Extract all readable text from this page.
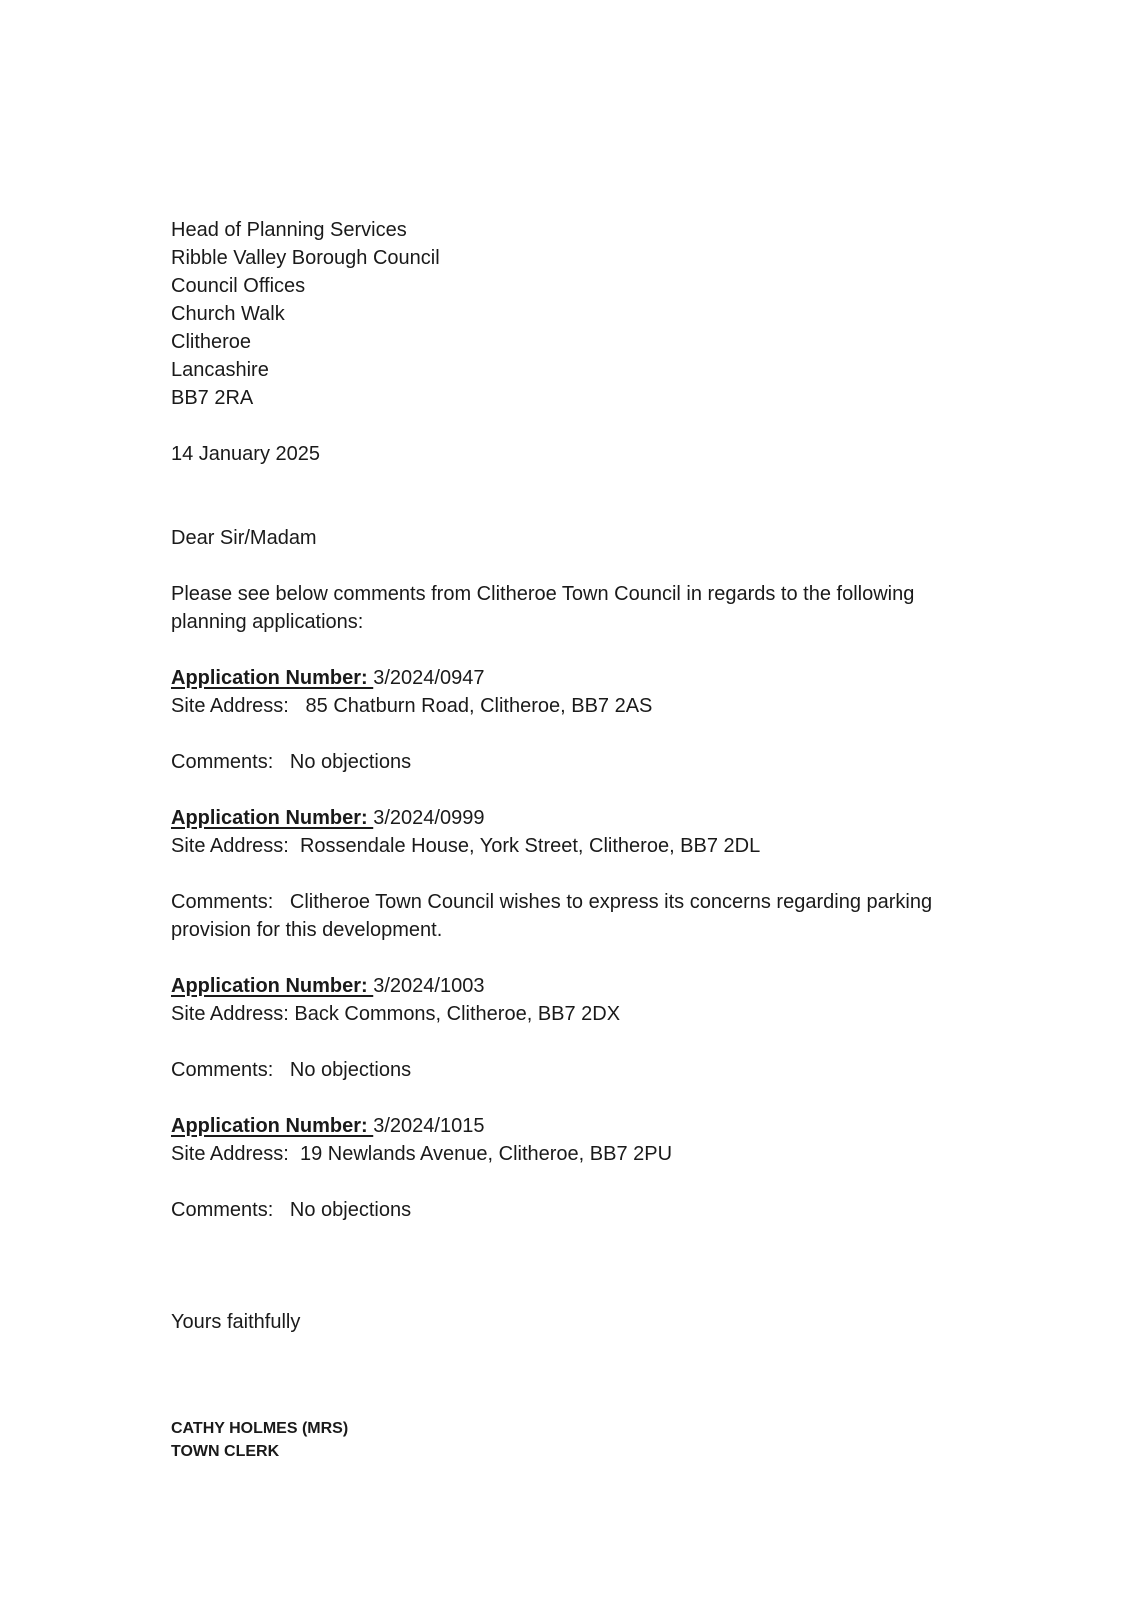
Head of Planning Services
Ribble Valley Borough Council
Council Offices
Church Walk
Clitheroe
Lancashire
BB7 2RA
14 January 2025
Dear Sir/Madam
Please see below comments from Clitheroe Town Council in regards to the following
planning applications:
Application Number: 3/2024/0947
Site Address: 85 Chatburn Road, Clitheroe, BB7 2AS
Comments: No objections
Application Number: 3/2024/0999
Site Address: Rossendale House, York Street, Clitheroe, BB7 2DL
Comments: Clitheroe Town Council wishes to express its concerns regarding parking
provision for this development.
Application Number: 3/2024/1003
Site Address: Back Commons, Clitheroe, BB7 2DX
Comments: No objections
Application Number: 3/2024/1015
Site Address: 19 Newlands Avenue, Clitheroe, BB7 2PU
Comments: No objections
Yours faithfully
CATHY HOLMES (MRS)
TOWN CLERK
